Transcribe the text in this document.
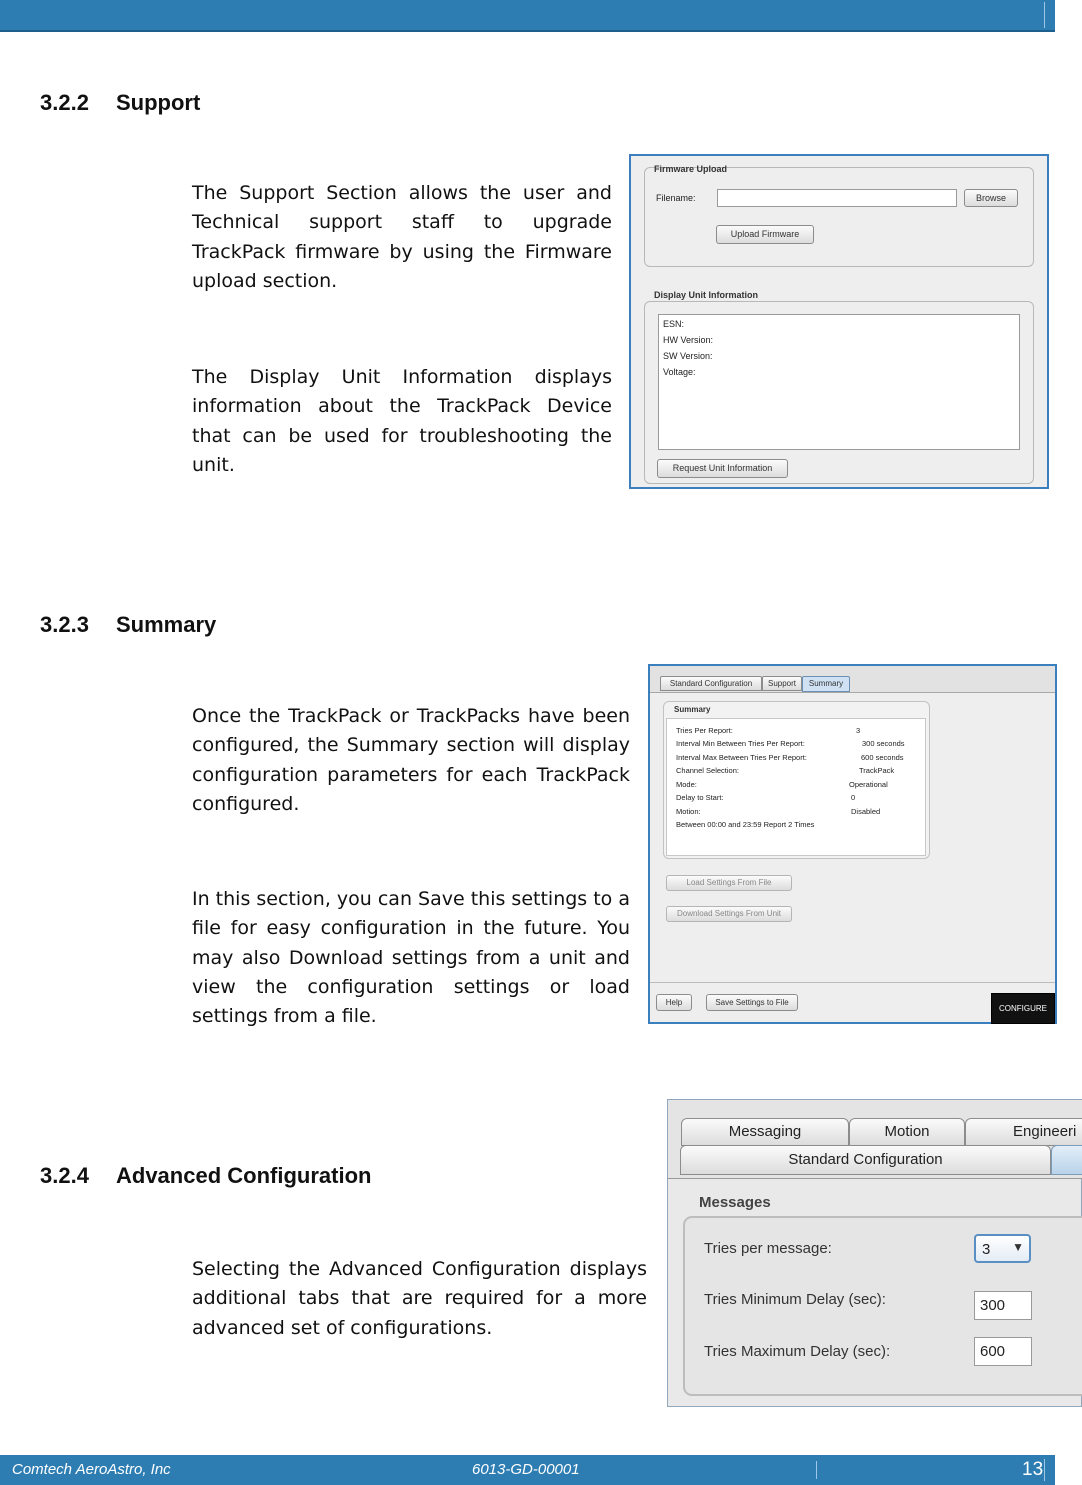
3.2.2 Support
The Support Section allows the user and Technical support staff to upgrade TrackPack firmware by using the Firmware upload section.
The Display Unit Information displays information about the TrackPack Device that can be used for troubleshooting the unit.
Firmware Upload
Filename:	Browse
Upload Firmware
Display Unit Information
ESN:
HW Version:
SW Version:
Voltage:
Request Unit Information
3.2.3 Summary
Once the TrackPack or TrackPacks have been configured, the Summary section will display configuration parameters for each TrackPack configured.
In this section, you can Save this settings to a file for easy configuration in the future. You may also Download settings from a unit and view the configuration settings or load settings from a file.
Standard Configuration	Support	Summary
Summary
Tries Per Report:	3
Interval Min Between Tries Per Report:	300 seconds
Interval Max Between Tries Per Report:	600 seconds
Channel Selection:	TrackPack
Mode:	Operational
Delay to Start:	0
Motion:	Disabled
Between 00:00 and 23:59 Report 2 Times
Load Settings From File
Download Settings From Unit
Help	Save Settings to File
CONFIGURE
3.2.4 Advanced Configuration
Selecting the Advanced Configuration displays additional tabs that are required for a more advanced set of configurations.
Messaging	Motion	Engineeri
Standard Configuration
Messages
Tries per message:	3 ▼
Tries Minimum Delay (sec):	300
Tries Maximum Delay (sec):	600
Comtech AeroAstro, Inc	6013-GD-00001	13
